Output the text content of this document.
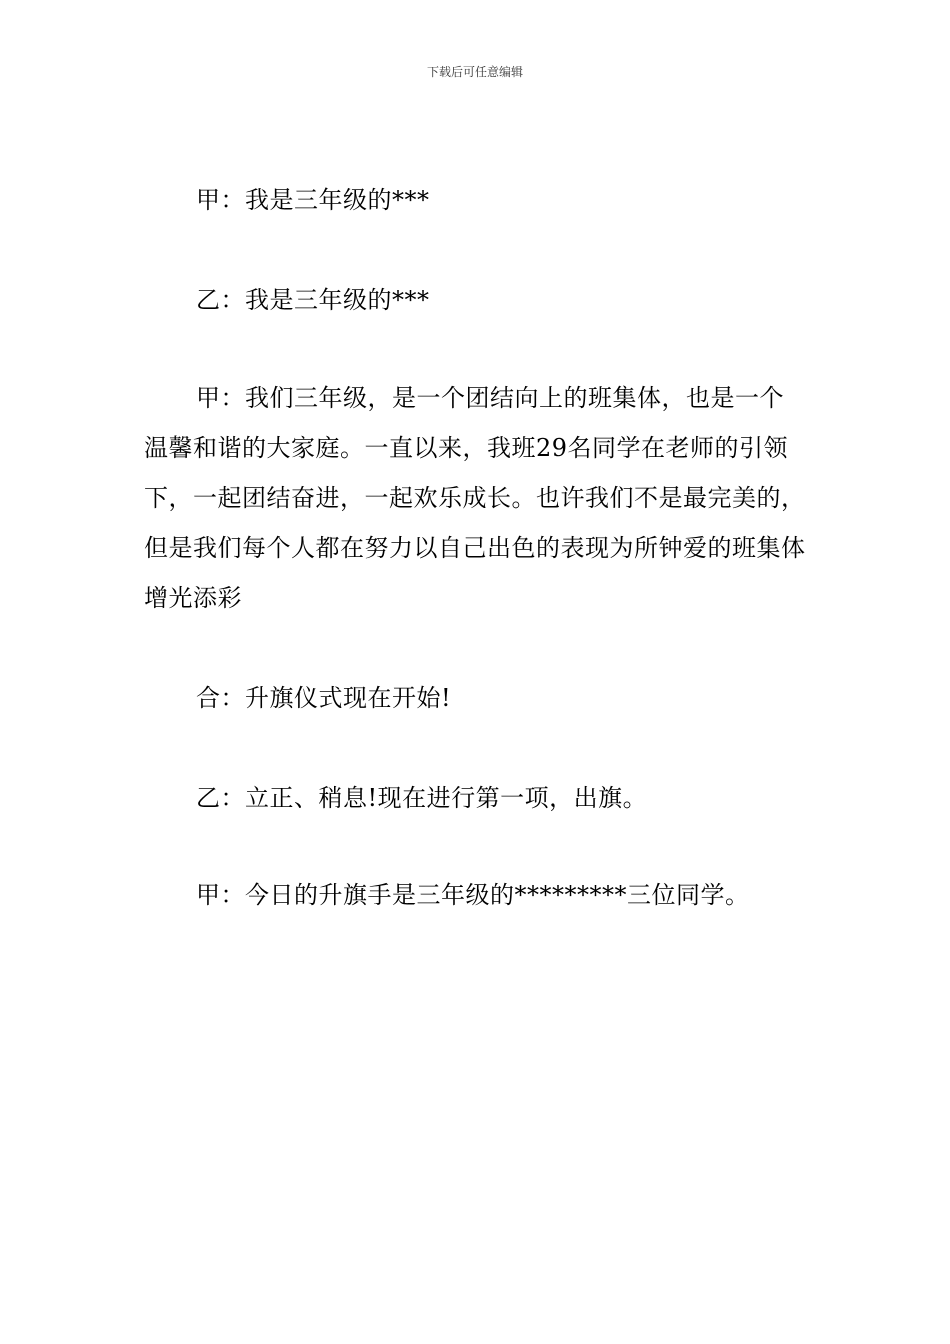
下载后可任意编辑

甲：我是三年级的***

乙：我是三年级的***

甲：我们三年级，是一个团结向上的班集体，也是一个温馨和谐的大家庭。一直以来，我班29名同学在老师的引领下，一起团结奋进，一起欢乐成长。也许我们不是最完美的，但是我们每个人都在努力以自己出色的表现为所钟爱的班集体增光添彩

合：升旗仪式现在开始!

乙：立正、稍息!现在进行第一项，出旗。

甲：今日的升旗手是三年级的*********三位同学。
